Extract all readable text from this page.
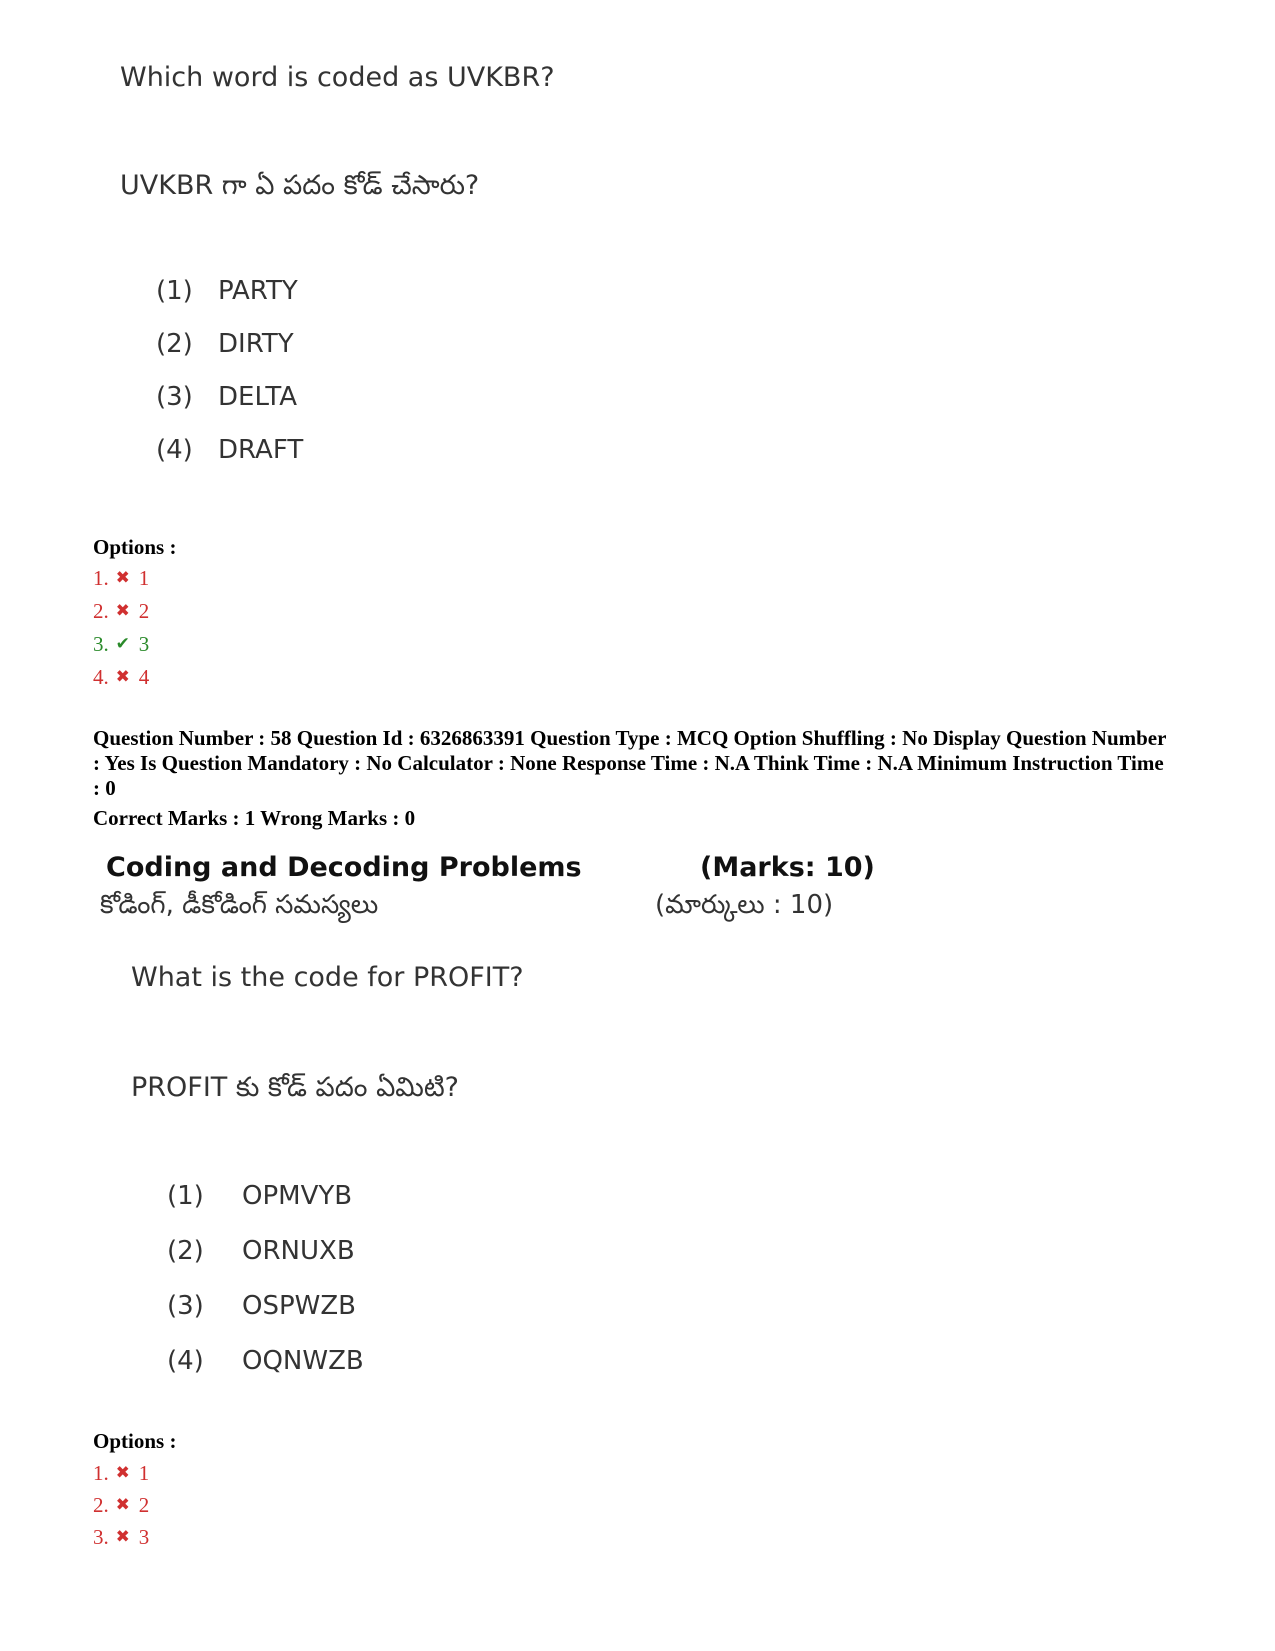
Which word is coded as UVKBR?
UVKBR గా ఏ పదం కోడ్ చేసారు?
(1) PARTY
(2) DIRTY
(3) DELTA
(4) DRAFT
Options :
1. ✖ 1
2. ✖ 2
3. ✔ 3
4. ✖ 4
Question Number : 58 Question Id : 6326863391 Question Type : MCQ Option Shuffling : No Display Question Number : Yes Is Question Mandatory : No Calculator : None Response Time : N.A Think Time : N.A Minimum Instruction Time : 0
Correct Marks : 1 Wrong Marks : 0
Coding and Decoding Problems	(Marks: 10)
కోడింగ్, డీకోడింగ్ సమస్యలు	(మార్కులు : 10)
What is the code for PROFIT?
PROFIT కు కోడ్ పదం ఏమిటి?
(1) OPMVYB
(2) ORNUXB
(3) OSPWZB
(4) OQNWZB
Options :
1. ✖ 1
2. ✖ 2
3. ✖ 3
